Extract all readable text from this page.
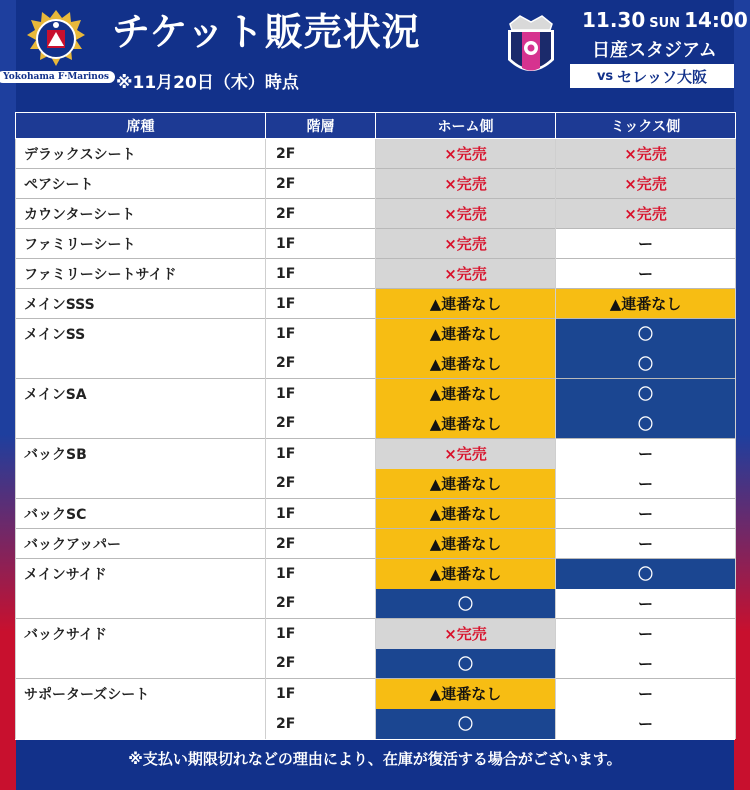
Yokohama F·Marinos
チケット販売状況
※11月20日（木）時点
11.30 SUN 14:00
日産スタジアム
vs セレッソ大阪
席種	階層	ホーム側	ミックス側
デラックスシート	2F	×完売	×完売
ペアシート	2F	×完売	×完売
カウンターシート	2F	×完売	×完売
ファミリーシート	1F	×完売	ー
ファミリーシートサイド	1F	×完売	ー
メインSSS	1F	▲連番なし	▲連番なし
メインSS	1F	▲連番なし	〇
	2F	▲連番なし	〇
メインSA	1F	▲連番なし	〇
	2F	▲連番なし	〇
バックSB	1F	×完売	ー
	2F	▲連番なし	ー
バックSC	1F	▲連番なし	ー
バックアッパー	2F	▲連番なし	ー
メインサイド	1F	▲連番なし	〇
	2F	〇	ー
バックサイド	1F	×完売	ー
	2F	〇	ー
サポーターズシート	1F	▲連番なし	ー
	2F	〇	ー
※支払い期限切れなどの理由により、在庫が復活する場合がございます。
